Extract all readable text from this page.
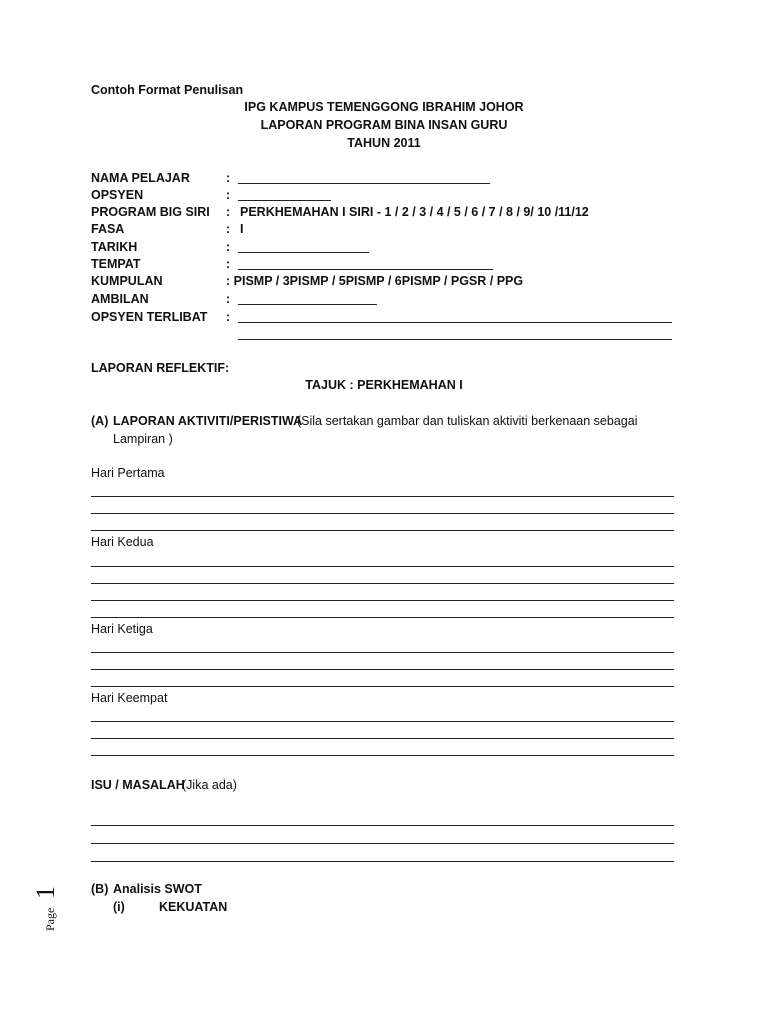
Contoh Format Penulisan
IPG KAMPUS TEMENGGONG IBRAHIM JOHOR
LAPORAN PROGRAM BINA INSAN GURU
TAHUN 2011
NAMA PELAJAR	:
OPSYEN	:
PROGRAM BIG SIRI : PERKHEMAHAN I SIRI - 1 / 2 / 3 / 4 / 5 / 6 / 7 / 8 / 9/ 10 /11/12
FASA	: I
TARIKH	:
TEMPAT	:
KUMPULAN	: PISMP / 3PISMP / 5PISMP / 6PISMP / PGSR / PPG
AMBILAN	:
OPSYEN TERLIBAT :
LAPORAN REFLEKTIF:
TAJUK : PERKHEMAHAN I
(A) LAPORAN AKTIVITI/PERISTIWA
(Sila sertakan gambar dan tuliskan aktiviti berkenaan sebagai
Lampiran )
Hari Pertama
Hari Kedua
Hari Ketiga
Hari Keempat
ISU / MASALAH
(Jika ada)
(B) Analisis SWOT
(i)	KEKUATAN
Page
1
